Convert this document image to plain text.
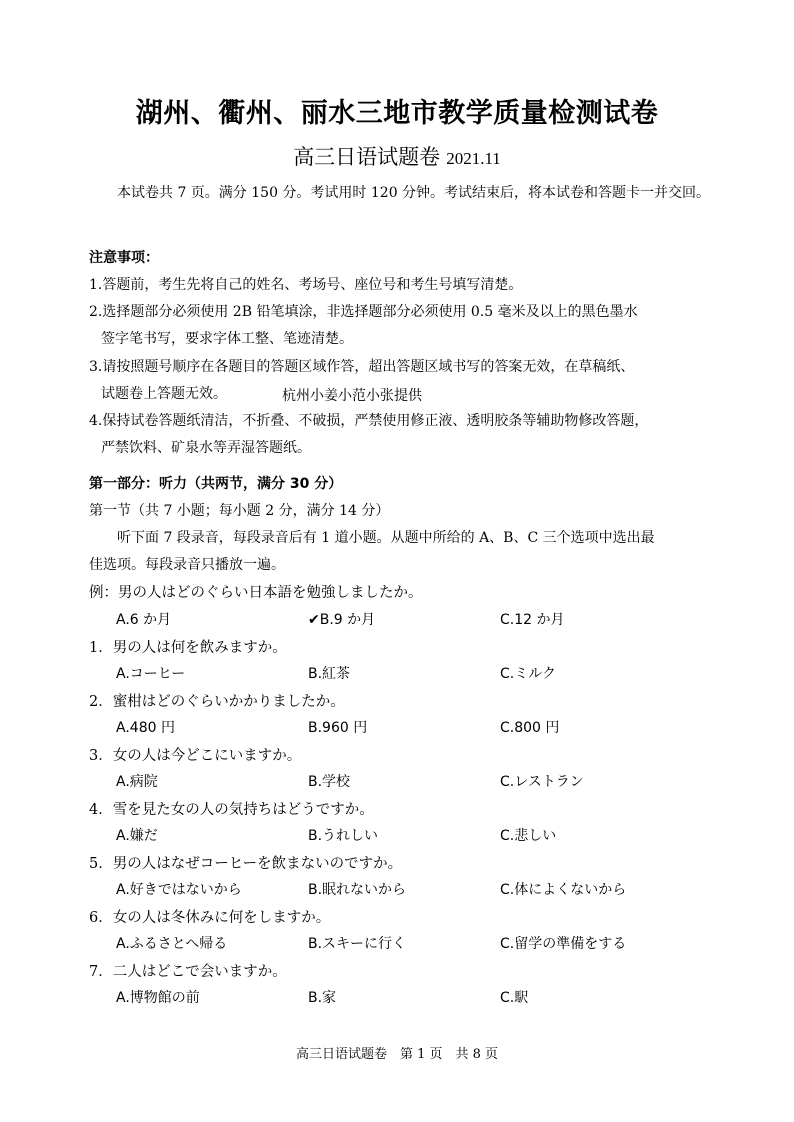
湖州、衢州、丽水三地市教学质量检测试卷
高三日语试题卷 2021.11
本试卷共 7 页。满分 150 分。考试用时 120 分钟。考试结束后，将本试卷和答题卡一并交回。
注意事项：
1.答题前，考生先将自己的姓名、考场号、座位号和考生号填写清楚。
2.选择题部分必须使用 2B 铅笔填涂，非选择题部分必须使用 0.5 毫米及以上的黑色墨水
签字笔书写，要求字体工整、笔迹清楚。
3.请按照题号顺序在各题目的答题区域作答，超出答题区域书写的答案无效，在草稿纸、
试题卷上答题无效。	杭州小姜小范小张提供
4.保持试卷答题纸清洁，不折叠、不破损，严禁使用修正液、透明胶条等辅助物修改答题，
严禁饮料、矿泉水等弄湿答题纸。
第一部分：听力（共两节，满分 30 分）
第一节（共 7 小题；每小题 2 分，满分 14 分）
听下面 7 段录音，每段录音后有 1 道小题。从题中所给的 A、B、C 三个选项中选出最
佳选项。每段录音只播放一遍。
例：男の人はどのぐらい日本語を勉強しましたか。
A.6 か月	✔B.9 か月	C.12 か月
1．男の人は何を飲みますか。
A.コーヒー	B.紅茶	C.ミルク
2．蜜柑はどのぐらいかかりましたか。
A.480 円	B.960 円	C.800 円
3．女の人は今どこにいますか。
A.病院	B.学校	C.レストラン
4．雪を見た女の人の気持ちはどうですか。
A.嫌だ	B.うれしい	C.悲しい
5．男の人はなぜコーヒーを飲まないのですか。
A.好きではないから	B.眠れないから	C.体によくないから
6．女の人は冬休みに何をしますか。
A.ふるさとへ帰る	B.スキーに行く	C.留学の準備をする
7．二人はどこで会いますか。
A.博物館の前	B.家	C.駅
高三日语试题卷　第 1 页　共 8 页
